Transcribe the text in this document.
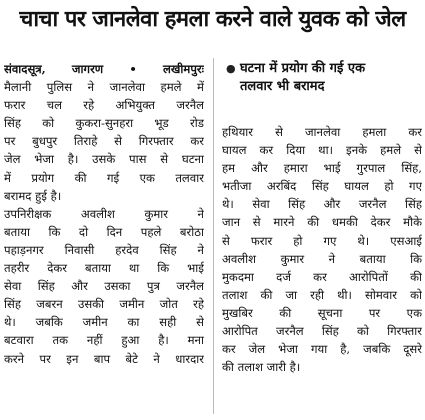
चाचा पर जानलेवा हमला करने वाले युवक को जेल
संवादसूत्र, जागरण • लखीमपुरः
मैलानी पुलिस ने जानलेवा हमले में
फरार चल रहे अभियुक्त जरनैल
सिंह को कुकरा-सुनहरा भूड रोड
पर बुधपुर तिराहे से गिरफ्तार कर
जेल भेजा है। उसके पास से घटना
में प्रयोग की गई एक तलवार
बरामद हुई है।
उपनिरीक्षक अवलीश कुमार ने
बताया कि दो दिन पहले बरोठा
पहाड़नगर निवासी हरदेव सिंह ने
तहरीर देकर बताया था कि भाई
सेवा सिंह और उसका पुत्र जरनैल
सिंह जबरन उसकी जमीन जोत रहे
थे। जबकि जमीन का सही से
बटवारा तक नहीं हुआ है। मना
करने पर इन बाप बेटे ने धारदार
● घटना में प्रयोग की गई एक
तलवार भी बरामद
हथियार से जानलेवा हमला कर
घायल कर दिया था। इनके हमले से
हम और हमारा भाई गुरपाल सिंह,
भतीजा अरबिंद सिंह घायल हो गए
थे। सेवा सिंह और जरनैल सिंह
जान से मारने की धमकी देकर मौके
से फरार हो गए थे। एसआई
अवलीश कुमार ने बताया कि
मुकदमा दर्ज कर आरोपितों की
तलाश की जा रही थी। सोमवार को
मुखबिर की सूचना पर एक
आरोपित जरनैल सिंह को गिरफ्तार
कर जेल भेजा गया है, जबकि दूसरे
की तलाश जारी है।
